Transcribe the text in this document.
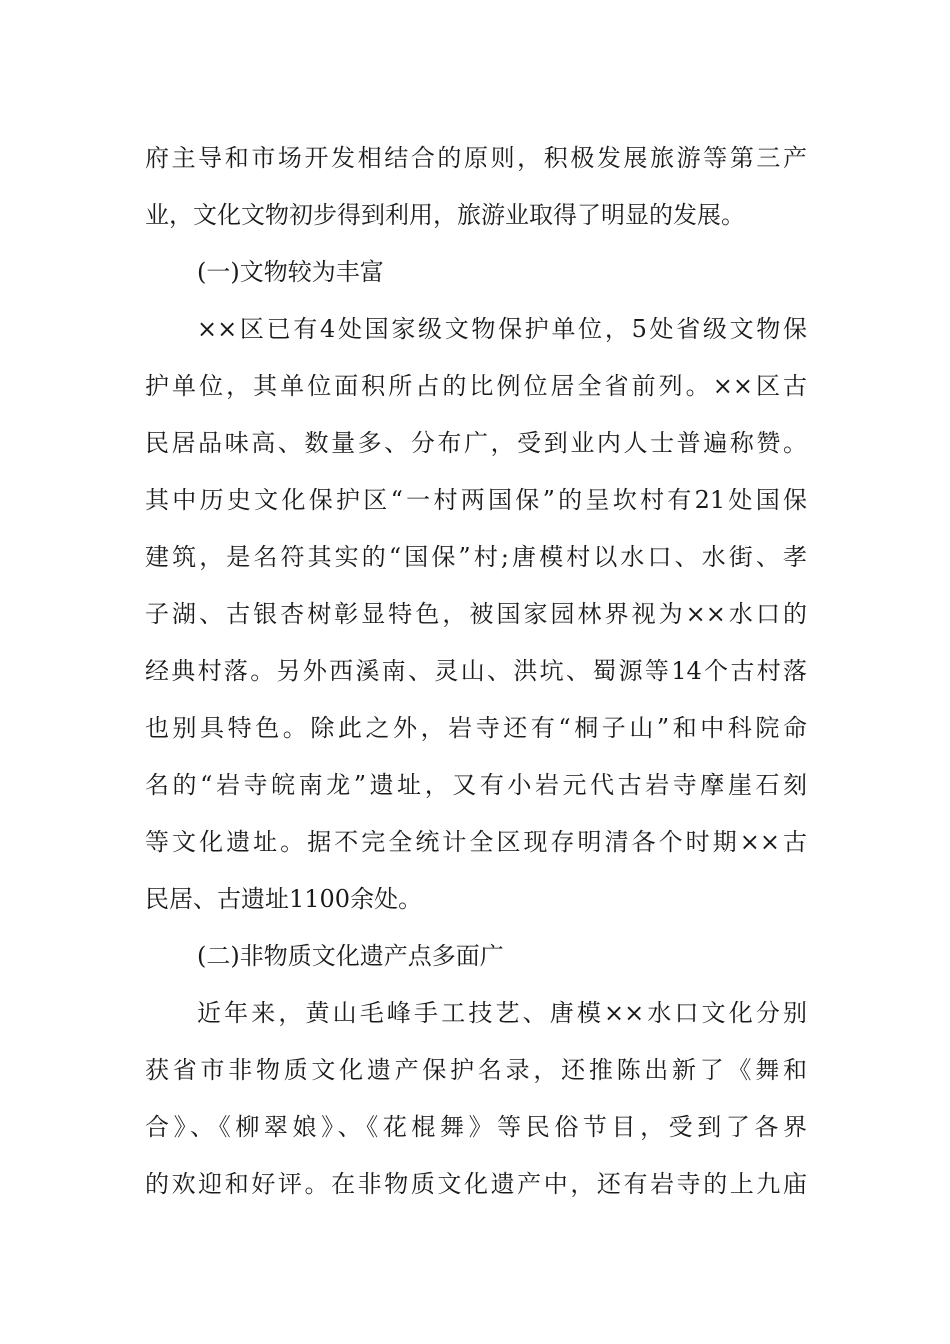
府主导和市场开发相结合的原则，积极发展旅游等第三产
业，文化文物初步得到利用，旅游业取得了明显的发展。
(一)文物较为丰富
××区已有4处国家级文物保护单位，5处省级文物保
护单位，其单位面积所占的比例位居全省前列。××区古
民居品味高、数量多、分布广，受到业内人士普遍称赞。
其中历史文化保护区“一村两国保”的呈坎村有21处国保
建筑，是名符其实的“国保”村;唐模村以水口、水街、孝
子湖、古银杏树彰显特色，被国家园林界视为××水口的
经典村落。另外西溪南、灵山、洪坑、蜀源等14个古村落
也别具特色。除此之外，岩寺还有“桐子山”和中科院命
名的“岩寺皖南龙”遗址，又有小岩元代古岩寺摩崖石刻
等文化遗址。据不完全统计全区现存明清各个时期××古
民居、古遗址1100余处。
(二)非物质文化遗产点多面广
近年来，黄山毛峰手工技艺、唐模××水口文化分别
获省市非物质文化遗产保护名录，还推陈出新了《舞和
合》、《柳翠娘》、《花棍舞》等民俗节目，受到了各界
的欢迎和好评。在非物质文化遗产中，还有岩寺的上九庙
